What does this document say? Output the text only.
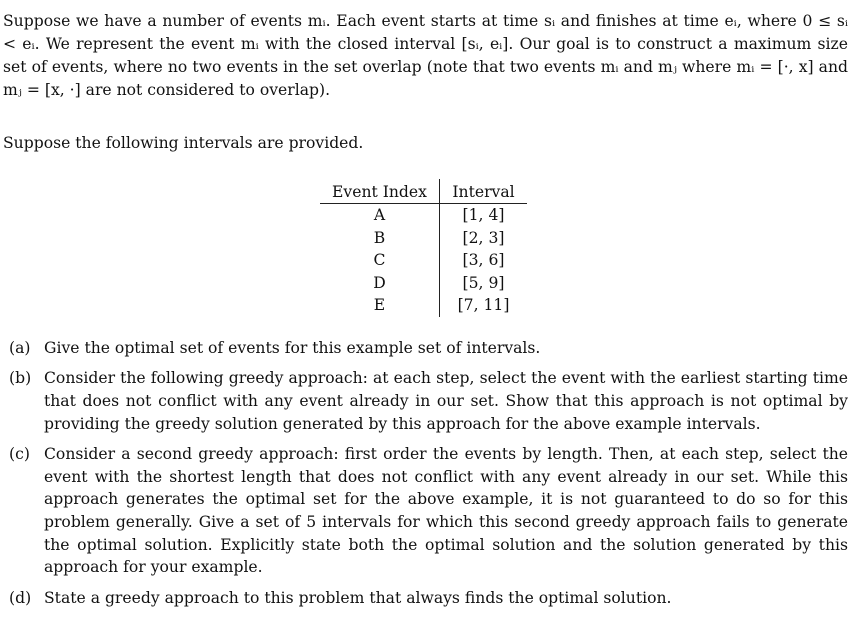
Suppose we have a number of events mᵢ. Each event starts at time sᵢ and finishes at time eᵢ, where 0 ≤ sᵢ < eᵢ. We represent the event mᵢ with the closed interval [sᵢ, eᵢ]. Our goal is to construct a maximum size set of events, where no two events in the set overlap (note that two events mᵢ and mⱼ where mᵢ = [·, x] and mⱼ = [x, ·] are not considered to overlap).

Suppose the following intervals are provided.
Event Index	Interval
A	[1, 4]
B	[2, 3]
C	[3, 6]
D	[5, 9]
E	[7, 11]
(a) Give the optimal set of events for this example set of intervals.
(b) Consider the following greedy approach: at each step, select the event with the earliest starting time that does not conflict with any event already in our set. Show that this approach is not optimal by providing the greedy solution generated by this approach for the above example intervals.
(c) Consider a second greedy approach: first order the events by length. Then, at each step, select the event with the shortest length that does not conflict with any event already in our set. While this approach generates the optimal set for the above example, it is not guaranteed to do so for this problem generally. Give a set of 5 intervals for which this second greedy approach fails to generate the optimal solution. Explicitly state both the optimal solution and the solution generated by this approach for your example.
(d) State a greedy approach to this problem that always finds the optimal solution.
